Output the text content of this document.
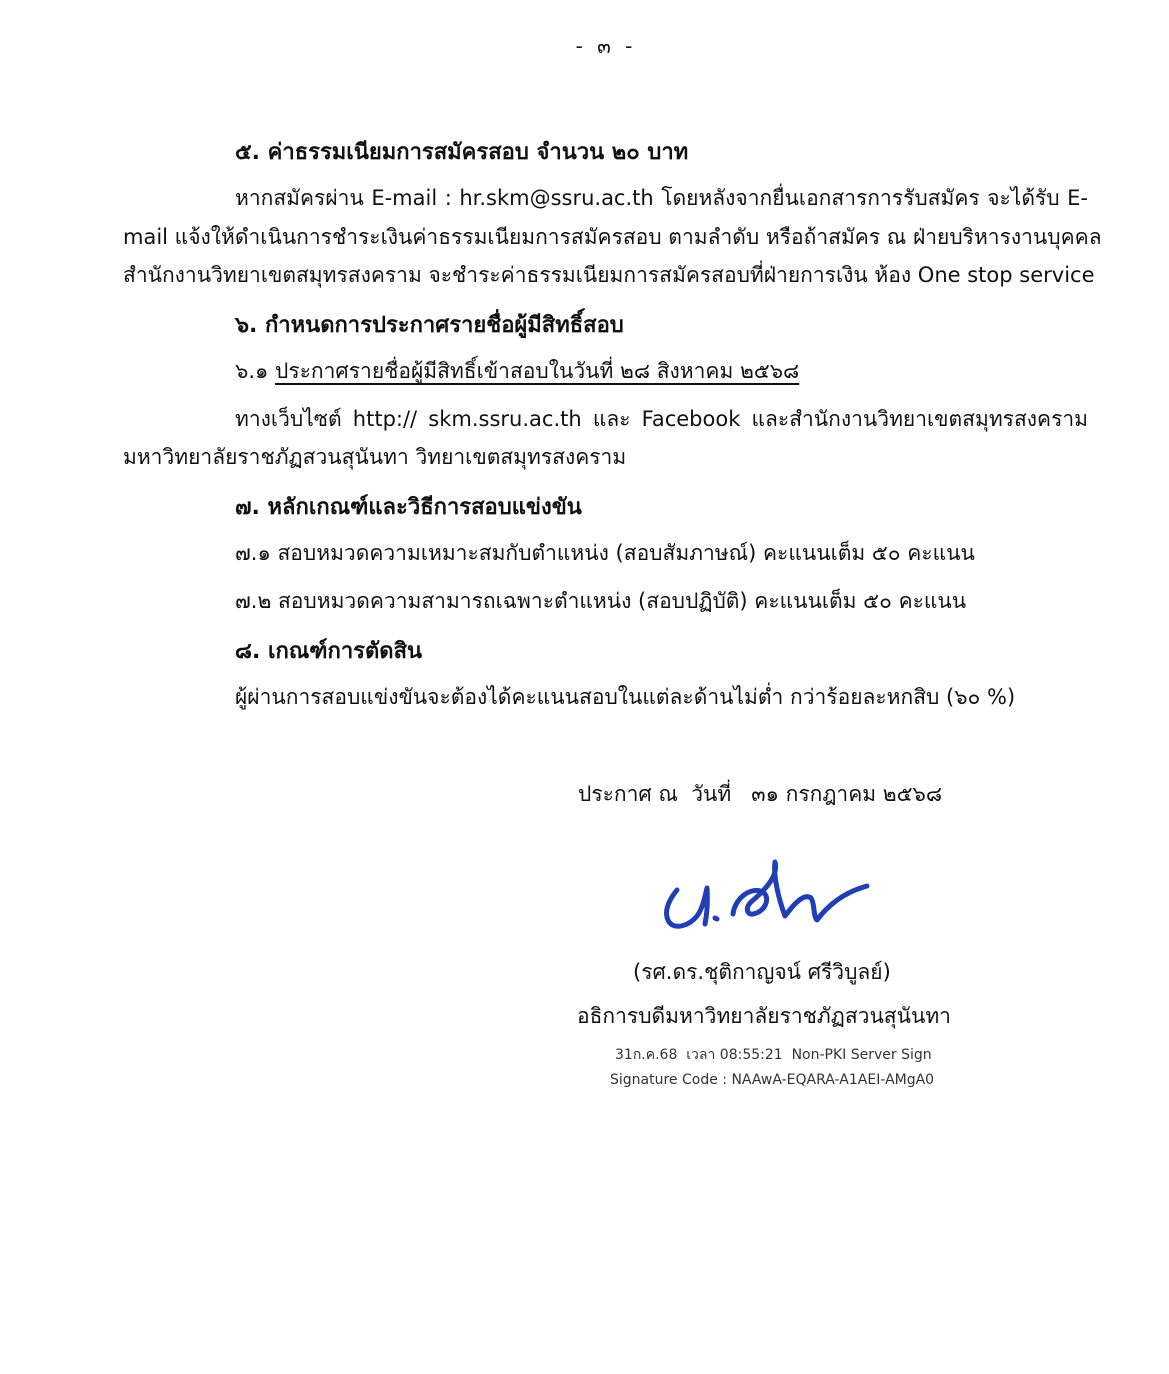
- ๓ -
๕. ค่าธรรมเนียมการสมัครสอบ จำนวน ๒๐ บาท
หากสมัครผ่าน E-mail : hr.skm@ssru.ac.th โดยหลังจากยื่นเอกสารการรับสมัคร จะได้รับ E-
mail แจ้งให้ดำเนินการชำระเงินค่าธรรมเนียมการสมัครสอบ ตามลำดับ หรือถ้าสมัคร ณ ฝ่ายบริหารงานบุคคล
สำนักงานวิทยาเขตสมุทรสงคราม จะชำระค่าธรรมเนียมการสมัครสอบที่ฝ่ายการเงิน ห้อง One stop service
๖. กำหนดการประกาศรายชื่อผู้มีสิทธิ์สอบ
๖.๑ ประกาศรายชื่อผู้มีสิทธิ์เข้าสอบในวันที่ ๒๘ สิงหาคม ๒๕๖๘
ทางเว็บไซต์ http:// skm.ssru.ac.th และ Facebook และสำนักงานวิทยาเขตสมุทรสงคราม
มหาวิทยาลัยราชภัฏสวนสุนันทา วิทยาเขตสมุทรสงคราม
๗. หลักเกณฑ์และวิธีการสอบแข่งขัน
๗.๑ สอบหมวดความเหมาะสมกับตำแหน่ง (สอบสัมภาษณ์) คะแนนเต็ม ๕๐ คะแนน
๗.๒ สอบหมวดความสามารถเฉพาะตำแหน่ง (สอบปฏิบัติ) คะแนนเต็ม ๕๐ คะแนน
๘. เกณฑ์การตัดสิน
ผู้ผ่านการสอบแข่งขันจะต้องได้คะแนนสอบในแต่ละด้านไม่ต่ำ กว่าร้อยละหกสิบ (๖๐ %)
ประกาศ ณ  วันที่   ๓๑ กรกฎาคม ๒๕๖๘
(รศ.ดร.ชุติกาญจน์ ศรีวิบูลย์)
อธิการบดีมหาวิทยาลัยราชภัฏสวนสุนันทา
31ก.ค.68  เวลา 08:55:21  Non-PKI Server Sign
Signature Code : NAAwA-EQARA-A1AEI-AMgA0
